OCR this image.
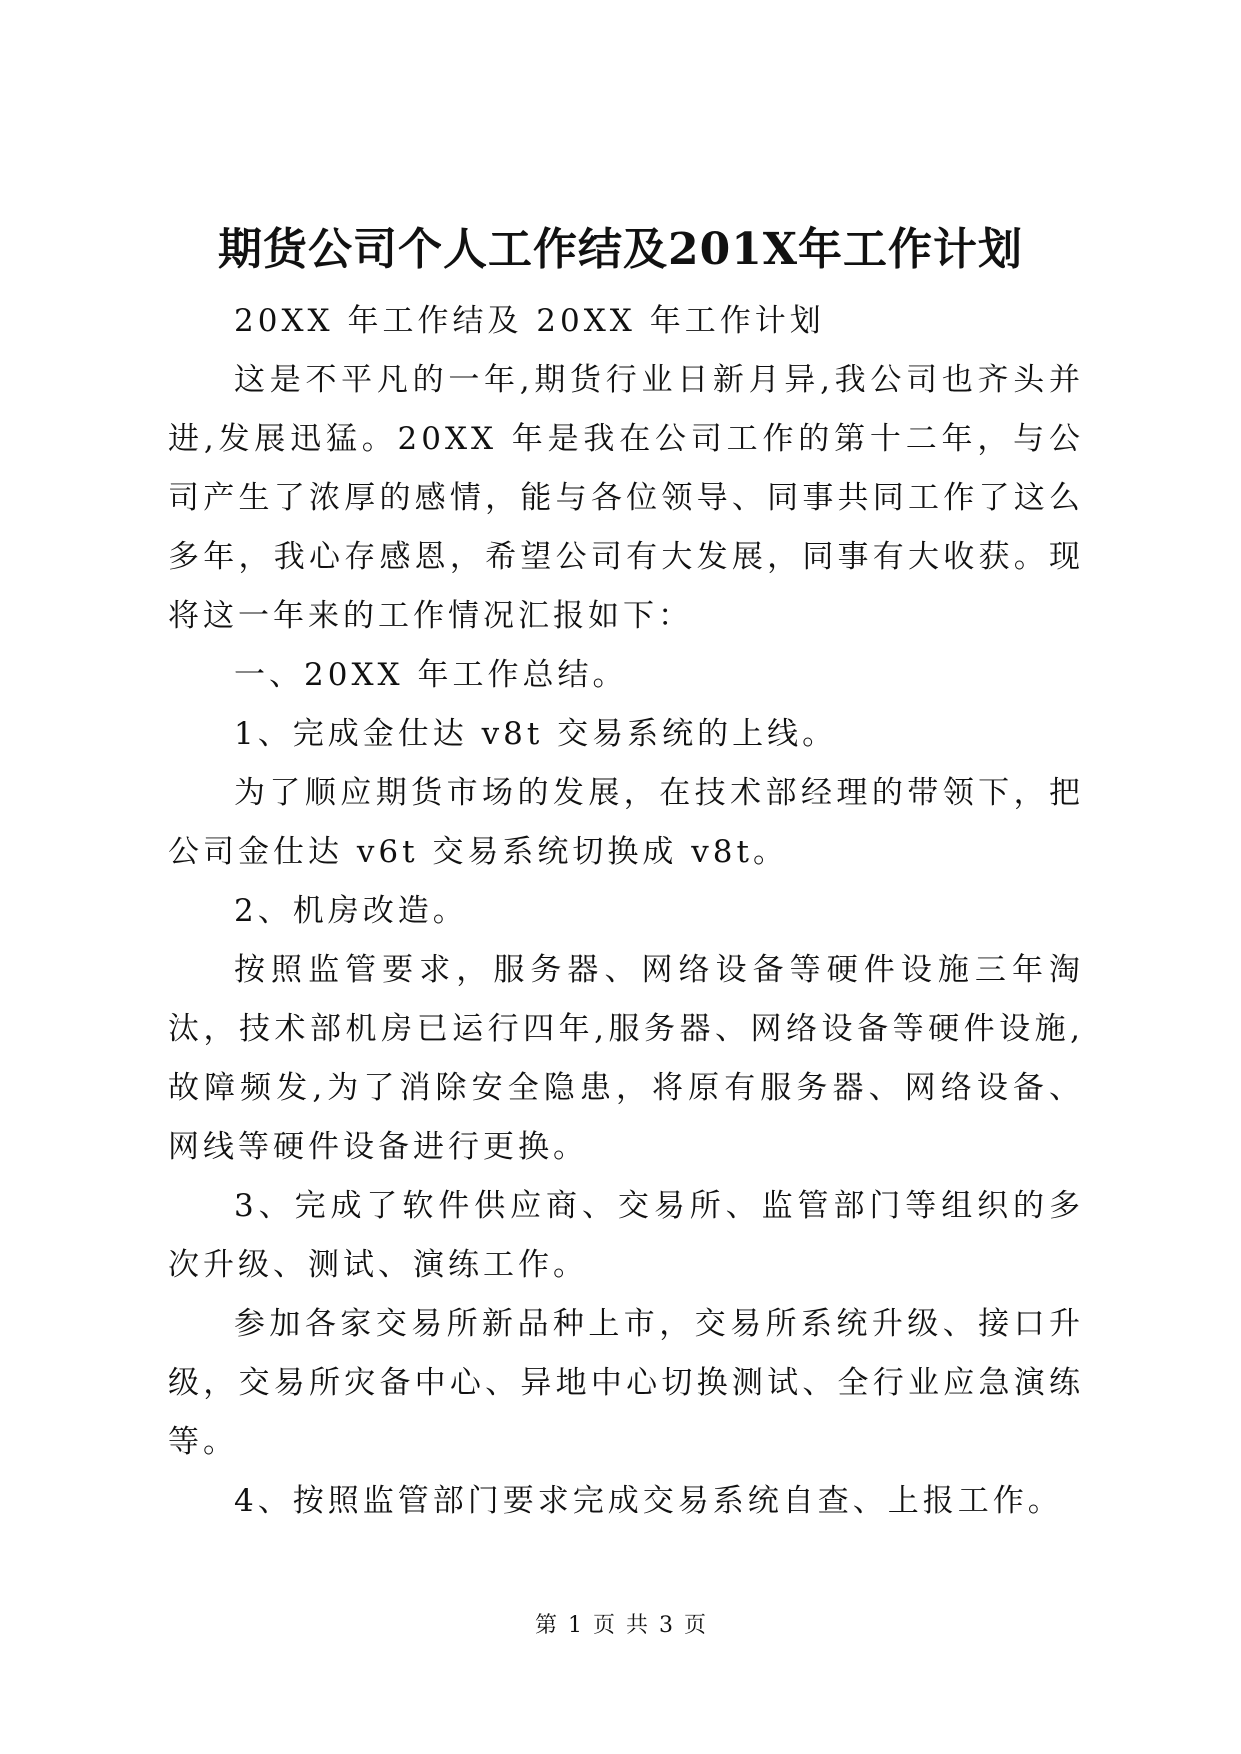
期货公司个人工作结及201X年工作计划

20XX 年工作结及 20XX 年工作计划

这是不平凡的一年,期货行业日新月异,我公司也齐头并进,发展迅猛。20XX 年是我在公司工作的第十二年，与公司产生了浓厚的感情，能与各位领导、同事共同工作了这么多年，我心存感恩，希望公司有大发展，同事有大收获。现将这一年来的工作情况汇报如下：

一、20XX 年工作总结。

1、完成金仕达 v8t 交易系统的上线。

为了顺应期货市场的发展，在技术部经理的带领下，把公司金仕达 v6t 交易系统切换成 v8t。

2、机房改造。

按照监管要求，服务器、网络设备等硬件设施三年淘汰，技术部机房已运行四年,服务器、网络设备等硬件设施,故障频发,为了消除安全隐患，将原有服务器、网络设备、网线等硬件设备进行更换。

3、完成了软件供应商、交易所、监管部门等组织的多次升级、测试、演练工作。

参加各家交易所新品种上市，交易所系统升级、接口升级，交易所灾备中心、异地中心切换测试、全行业应急演练等。

4、按照监管部门要求完成交易系统自查、上报工作。

第 1 页 共 3 页
